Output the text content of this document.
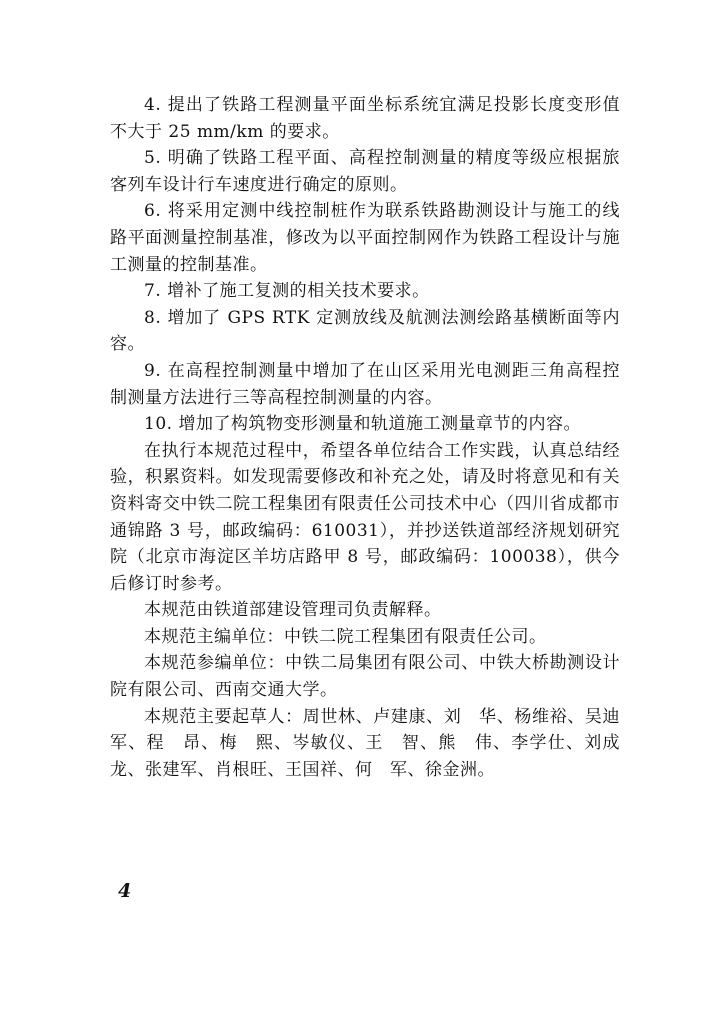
4. 提出了铁路工程测量平面坐标系统宜满足投影长度变形值不大于 25 mm/km 的要求。

5. 明确了铁路工程平面、高程控制测量的精度等级应根据旅客列车设计行车速度进行确定的原则。

6. 将采用定测中线控制桩作为联系铁路勘测设计与施工的线路平面测量控制基准，修改为以平面控制网作为铁路工程设计与施工测量的控制基准。

7. 增补了施工复测的相关技术要求。

8. 增加了 GPS RTK 定测放线及航测法测绘路基横断面等内容。

9. 在高程控制测量中增加了在山区采用光电测距三角高程控制测量方法进行三等高程控制测量的内容。

10. 增加了构筑物变形测量和轨道施工测量章节的内容。

在执行本规范过程中，希望各单位结合工作实践，认真总结经验，积累资料。如发现需要修改和补充之处，请及时将意见和有关资料寄交中铁二院工程集团有限责任公司技术中心（四川省成都市通锦路 3 号，邮政编码：610031），并抄送铁道部经济规划研究院（北京市海淀区羊坊店路甲 8 号，邮政编码：100038），供今后修订时参考。

本规范由铁道部建设管理司负责解释。

本规范主编单位：中铁二院工程集团有限责任公司。

本规范参编单位：中铁二局集团有限公司、中铁大桥勘测设计院有限公司、西南交通大学。

本规范主要起草人：周世林、卢建康、刘　华、杨维裕、吴迪军、程　昂、梅　熙、岑敏仪、王　智、熊　伟、李学仕、刘成龙、张建军、肖根旺、王国祥、何　军、徐金洲。

4
